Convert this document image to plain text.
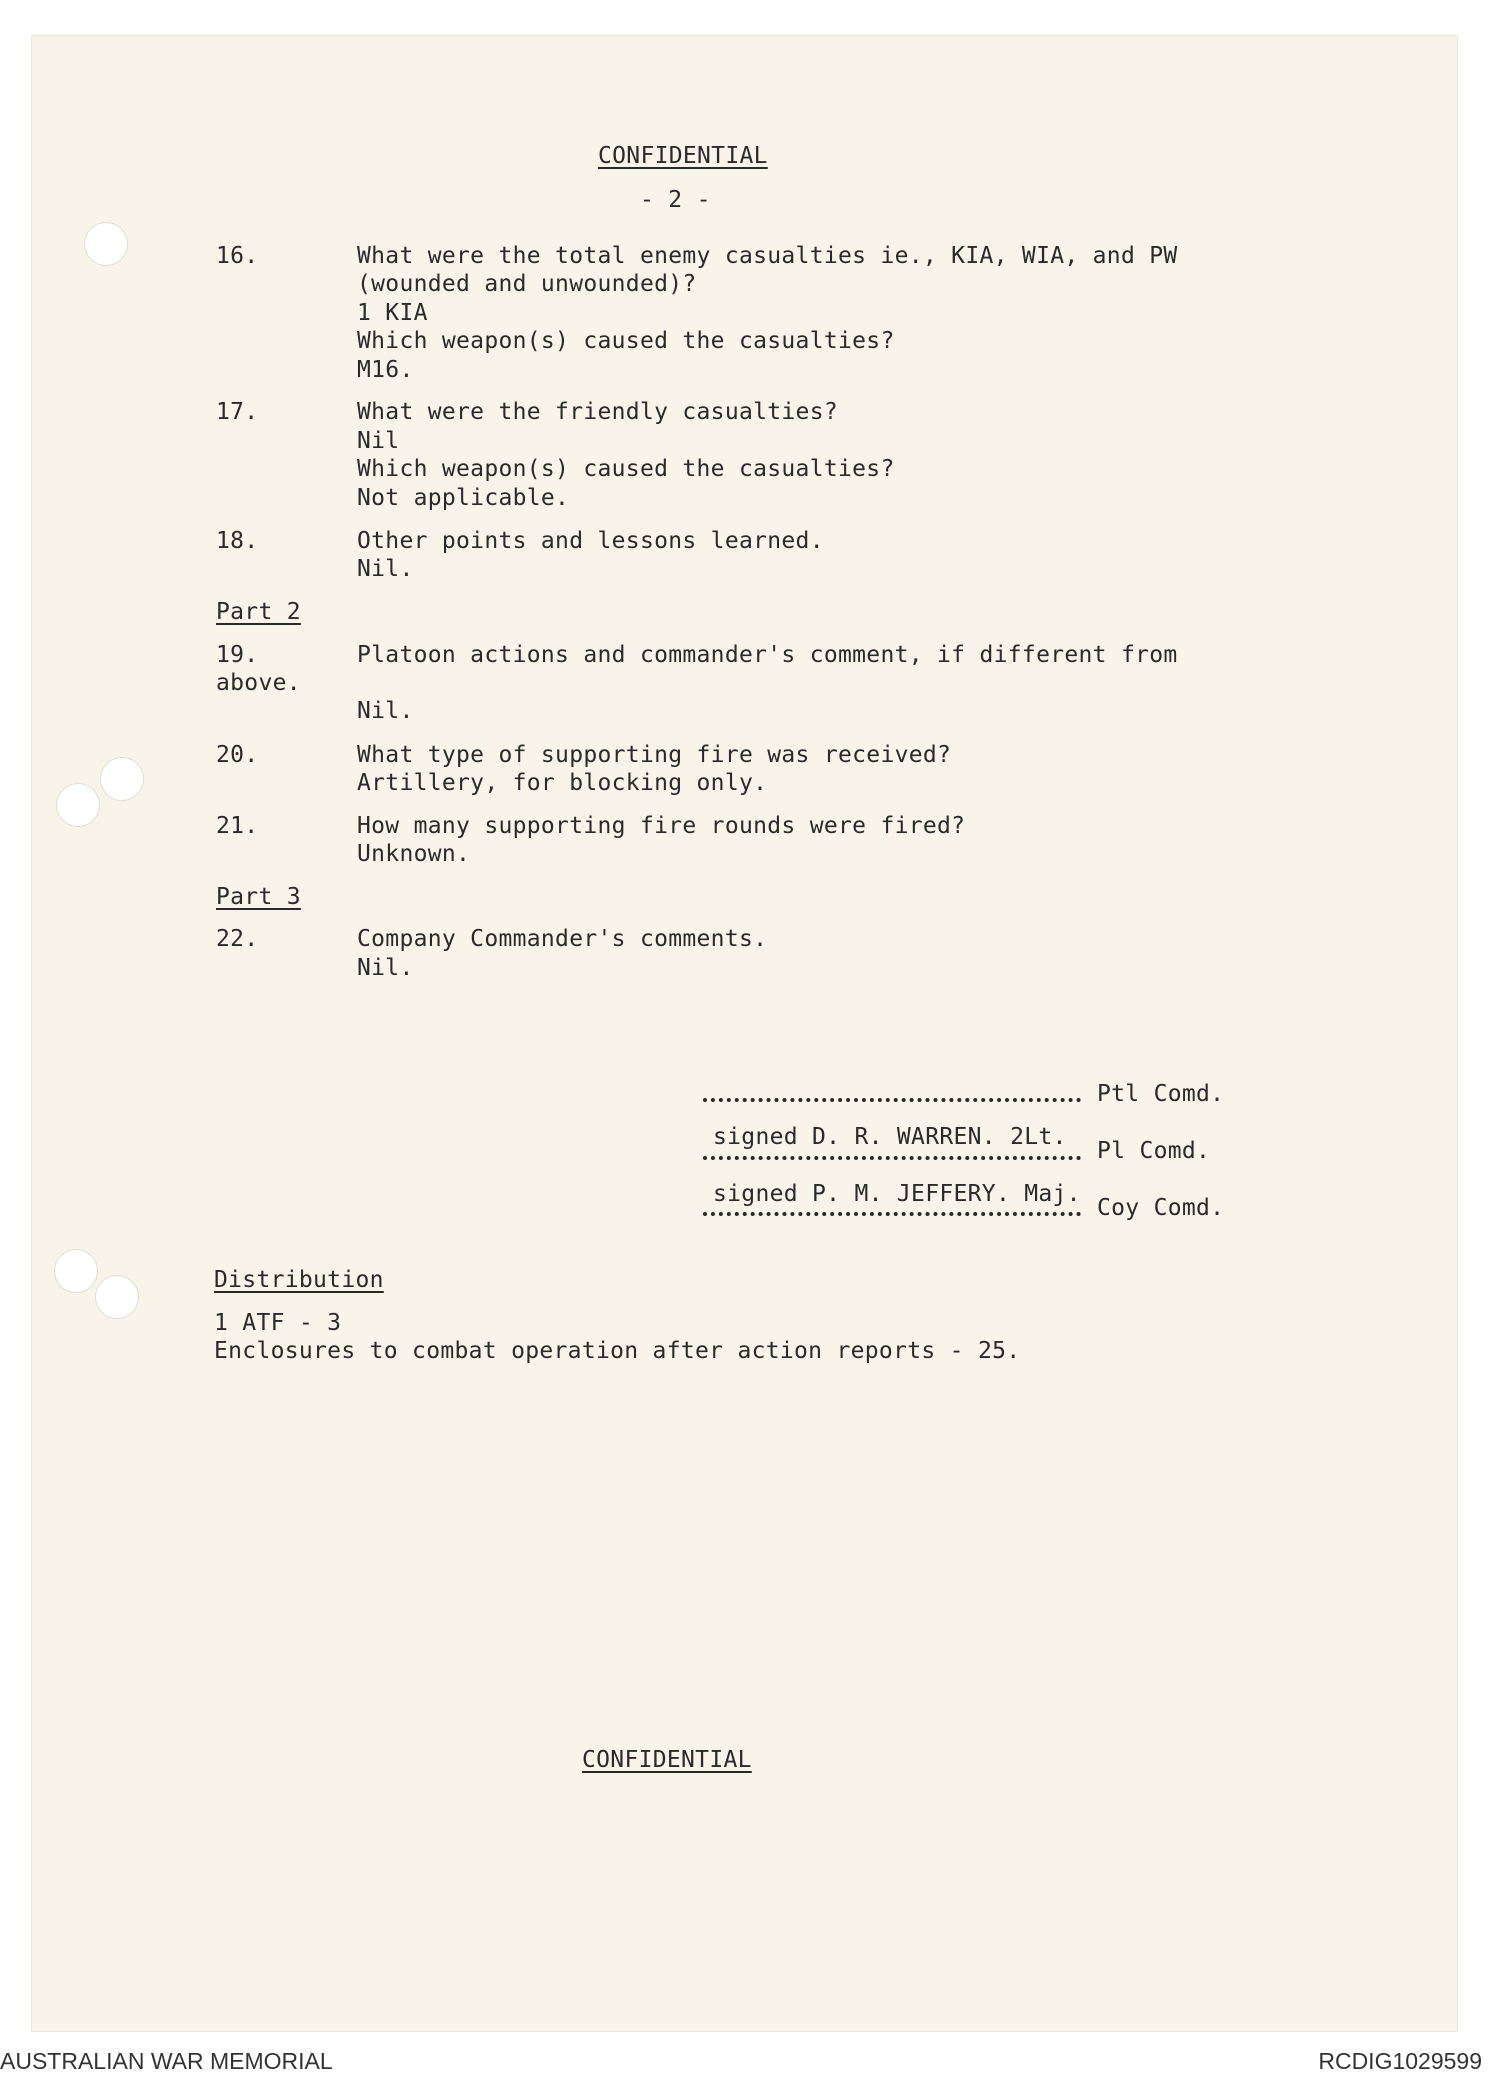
CONFIDENTIAL
- 2 -
16.	What were the total enemy casualties ie., KIA, WIA, and PW
(wounded and unwounded)?
1 KIA
Which weapon(s) caused the casualties?
M16.
17.	What were the friendly casualties?
Nil
Which weapon(s) caused the casualties?
Not applicable.
18.	Other points and lessons learned.
Nil.
Part 2
19.	Platoon actions and commander's comment, if different from
above.
Nil.
20.	What type of supporting fire was received?
Artillery, for blocking only.
21.	How many supporting fire rounds were fired?
Unknown.
Part 3
22.	Company Commander's comments.
Nil.
Ptl Comd.
signed D. R. WARREN. 2Lt.
Pl Comd.
signed P. M. JEFFERY. Maj.
Coy Comd.
Distribution
1 ATF - 3
Enclosures to combat operation after action reports - 25.
CONFIDENTIAL
AUSTRALIAN WAR MEMORIAL	RCDIG1029599
